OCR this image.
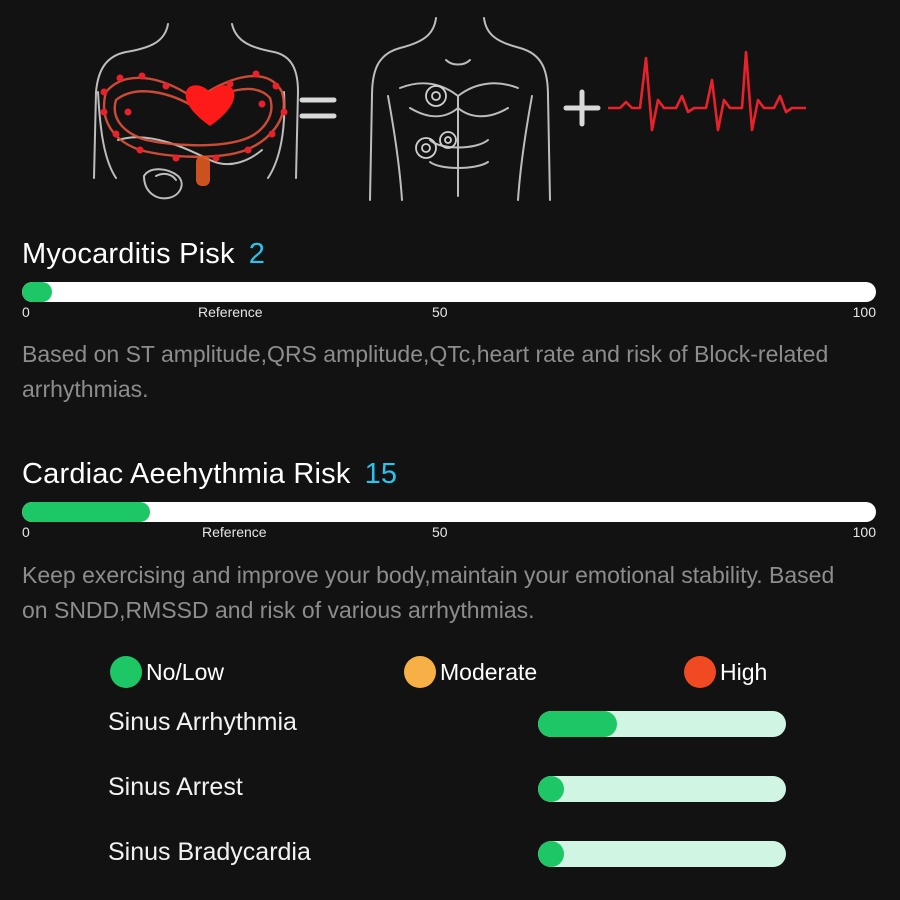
Myocarditis Pisk 2
0	Reference	50	100

Based on ST amplitude,QRS amplitude,QTc,heart rate and risk of Block-related arrhythmias.

Cardiac Aeehythmia Risk 15
0	Reference	50	100

Keep exercising and improve your body,maintain your emotional stability. Based on SNDD,RMSSD and risk of various arrhythmias.

No/Low	Moderate	High

Sinus Arrhythmia

Sinus Arrest

Sinus Bradycardia
